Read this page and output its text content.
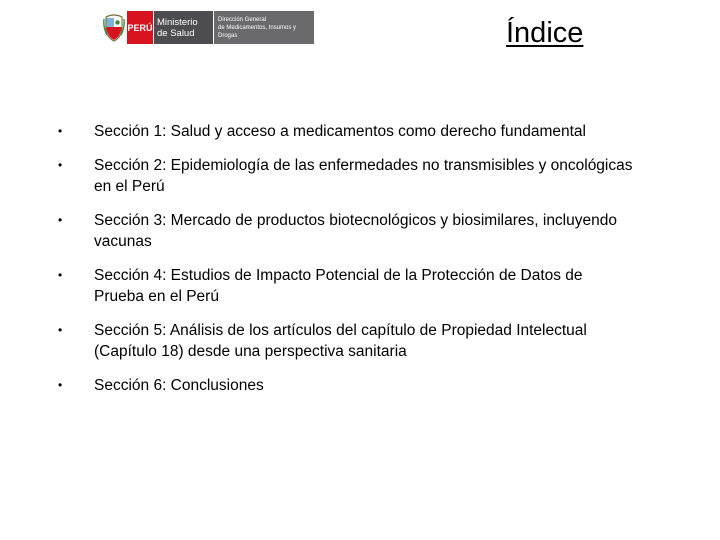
PERÚ Ministerio
de Salud
Dirección General
de Medicamentos, Insumos y Drogas	Índice
• Sección 1: Salud y acceso a medicamentos como derecho fundamental
• Sección 2: Epidemiología de las enfermedades no transmisibles y oncológicas en el Perú
• Sección 3: Mercado de productos biotecnológicos y biosimilares, incluyendo vacunas
• Sección 4: Estudios de Impacto Potencial de la Protección de Datos de Prueba en el Perú
• Sección 5: Análisis de los artículos del capítulo de Propiedad Intelectual (Capítulo 18) desde una perspectiva sanitaria
• Sección 6: Conclusiones
